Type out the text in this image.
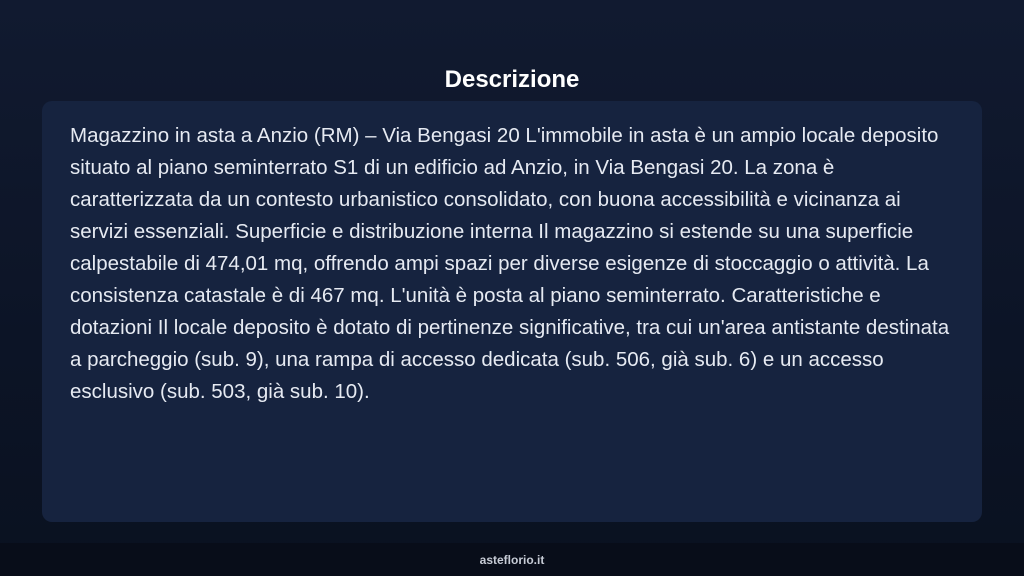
Descrizione

Magazzino in asta a Anzio (RM) – Via Bengasi 20 L'immobile in asta è un ampio locale deposito situato al piano seminterrato S1 di un edificio ad Anzio, in Via Bengasi 20. La zona è caratterizzata da un contesto urbanistico consolidato, con buona accessibilità e vicinanza ai servizi essenziali. Superficie e distribuzione interna Il magazzino si estende su una superficie calpestabile di 474,01 mq, offrendo ampi spazi per diverse esigenze di stoccaggio o attività. La consistenza catastale è di 467 mq. L'unità è posta al piano seminterrato. Caratteristiche e dotazioni Il locale deposito è dotato di pertinenze significative, tra cui un'area antistante destinata a parcheggio (sub. 9), una rampa di accesso dedicata (sub. 506, già sub. 6) e un accesso esclusivo (sub. 503, già sub. 10).

asteflorio.it
